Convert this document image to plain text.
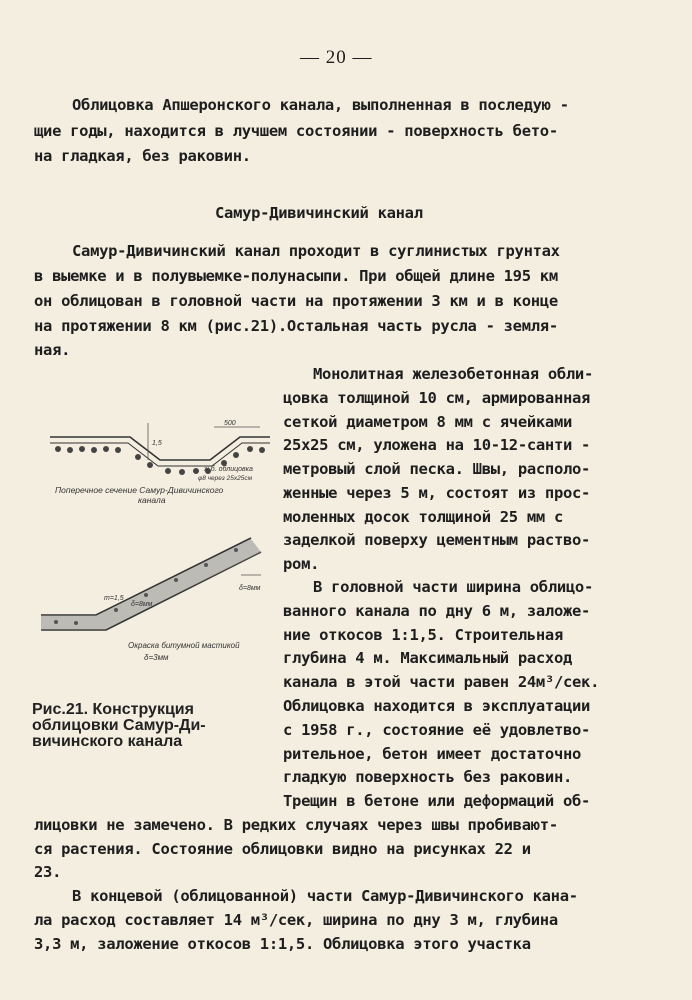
— 20 —
Облицовка Апшеронского канала, выполненная в последую -
щие годы, находится в лучшем состоянии - поверхность бето-
на гладкая, без раковин.
Самур-Дивичинский канал
Самур-Дивичинский канал проходит в суглинистых грунтах
в выемке и в полувыемке-полунасыпи. При общей длине 195 км
он облицован в головной части на протяжении 3 км и в конце
на протяжении 8 км (рис.21).Остальная часть русла - земля-
ная.
Монолитная железобетонная обли-
цовка толщиной 10 см, армированная
сеткой диаметром 8 мм с ячейками
25x25 см, уложена на 10-12-санти -
метровый слой песка. Швы, располо-
женные через 5 м, состоят из прос-
моленных досок толщиной 25 мм с
заделкой поверху цементным раство-
ром.
В головной части ширина облицо-
ванного канала по дну 6 м, заложе-
ние откосов 1:1,5. Строительная
глубина 4 м. Максимальный расход
канала в этой части равен 24м³/сек.
Облицовка находится в эксплуатации
с 1958 г., состояние её удовлетво-
рительное, бетон имеет достаточно
гладкую поверхность без раковин.
Трещин в бетоне или деформаций об-
лицовки не замечено. В редких случаях через швы пробивают-
ся растения. Состояние облицовки видно на рисунках 22 и
23.
В концевой (облицованной) части Самур-Дивичинского кана-
ла расход составляет 14 м³/сек, ширина по дну 3 м, глубина
3,3 м, заложение откосов 1:1,5. Облицовка этого участка
500
1,5
ж.б. облицовка
φ8 через 25x25см
Поперечное сечение Самур-Дивичинского
канала
m=1,5
δ=8мм
δ=8мм
Окраска битумной мастикой
δ=3мм
Рис.21. Конструкция
облицовки Самур-Ди-
вичинского канала
